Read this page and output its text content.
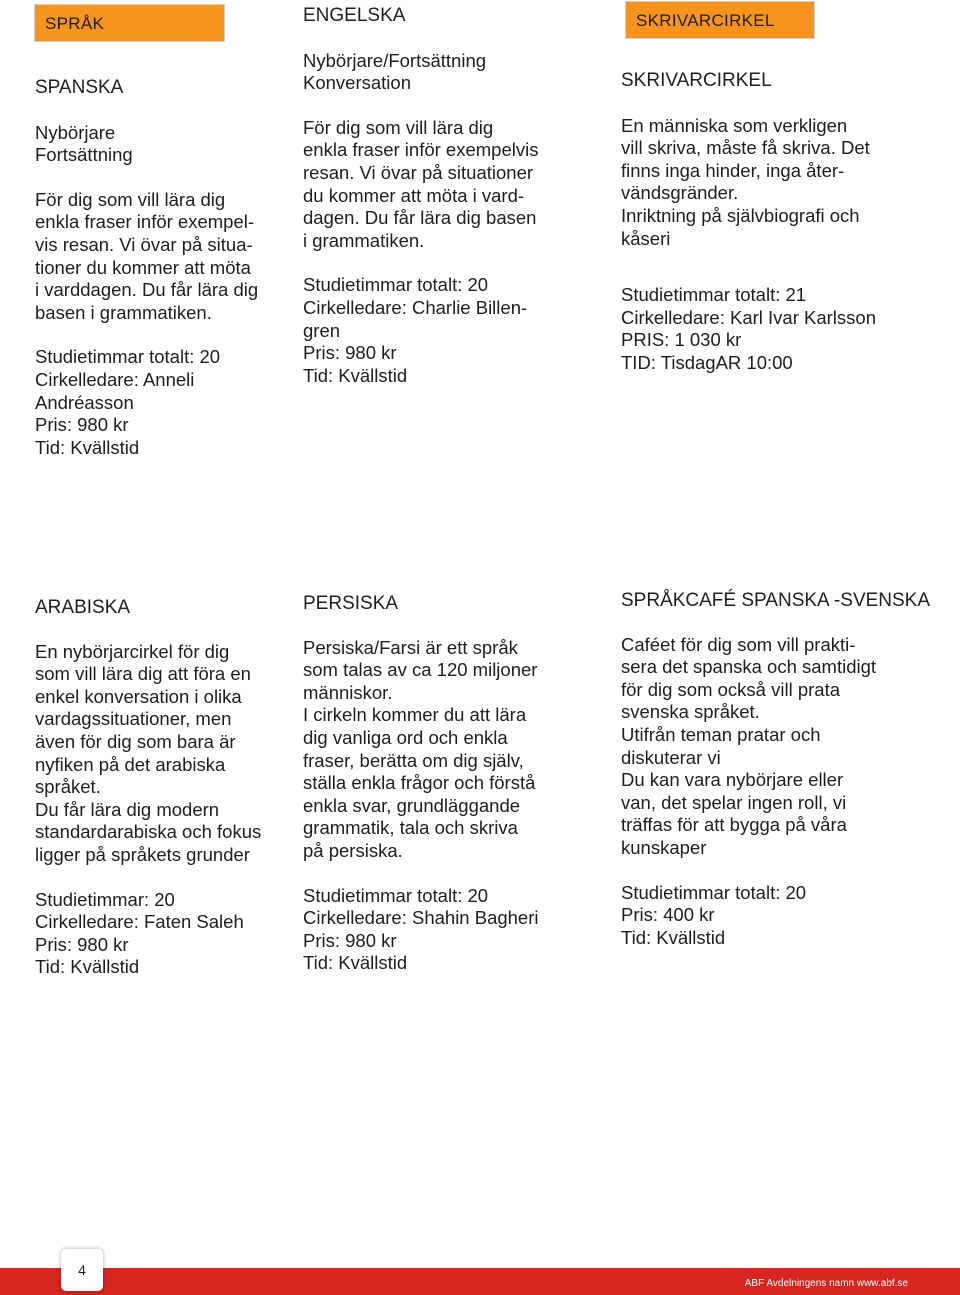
SPRÅK	SKRIVARCIRKEL

SPANSKA

Nybörjare

Fortsättning

För dig som vill lära dig

enkla fraser inför exempel-

vis resan. Vi övar på situa-

tioner du kommer att möta

i varddagen. Du får lära dig

basen i grammatiken.

Studietimmar totalt: 20

Cirkelledare: Anneli

Andréasson

Pris: 980 kr

Tid: Kvällstid

ENGELSKA

Nybörjare/Fortsättning

Konversation

För dig som vill lära dig

enkla fraser inför exempelvis

resan. Vi övar på situationer

du kommer att möta i vard-

dagen. Du får lära dig basen

i grammatiken.

Studietimmar totalt: 20

Cirkelledare: Charlie Billen-

gren

Pris: 980 kr

Tid: Kvällstid

SKRIVARCIRKEL

En människa som verkligen

vill skriva, måste få skriva. Det

finns inga hinder, inga åter-

vändsgränder.

Inriktning på självbiografi och

kåseri

Studietimmar totalt: 21

Cirkelledare: Karl Ivar Karlsson

PRIS: 1 030 kr

TID: TisdagAR 10:00

ARABISKA

En nybörjarcirkel för dig

som vill lära dig att föra en

enkel konversation i olika

vardagssituationer, men

även för dig som bara är

nyfiken på det arabiska

språket.

Du får lära dig modern

standardarabiska och fokus

ligger på språkets grunder

Studietimmar: 20

Cirkelledare: Faten Saleh

Pris: 980 kr

Tid: Kvällstid

PERSISKA

Persiska/Farsi är ett språk

som talas av ca 120 miljoner

människor.

I cirkeln kommer du att lära

dig vanliga ord och enkla

fraser, berätta om dig själv,

ställa enkla frågor och förstå

enkla svar, grundläggande

grammatik, tala och skriva

på persiska.

Studietimmar totalt: 20

Cirkelledare: Shahin Bagheri

Pris: 980 kr

Tid: Kvällstid

SPRÅKCAFÉ SPANSKA -SVENSKA

Caféet för dig som vill prakti-

sera det spanska och samtidigt

för dig som också vill prata

svenska språket.

Utifrån teman pratar och

diskuterar vi

Du kan vara nybörjare eller

van, det spelar ingen roll, vi

träffas för att bygga på våra

kunskaper

Studietimmar totalt: 20

Pris: 400 kr

Tid: Kvällstid

4
ABF Avdelningens namn www.abf.se
